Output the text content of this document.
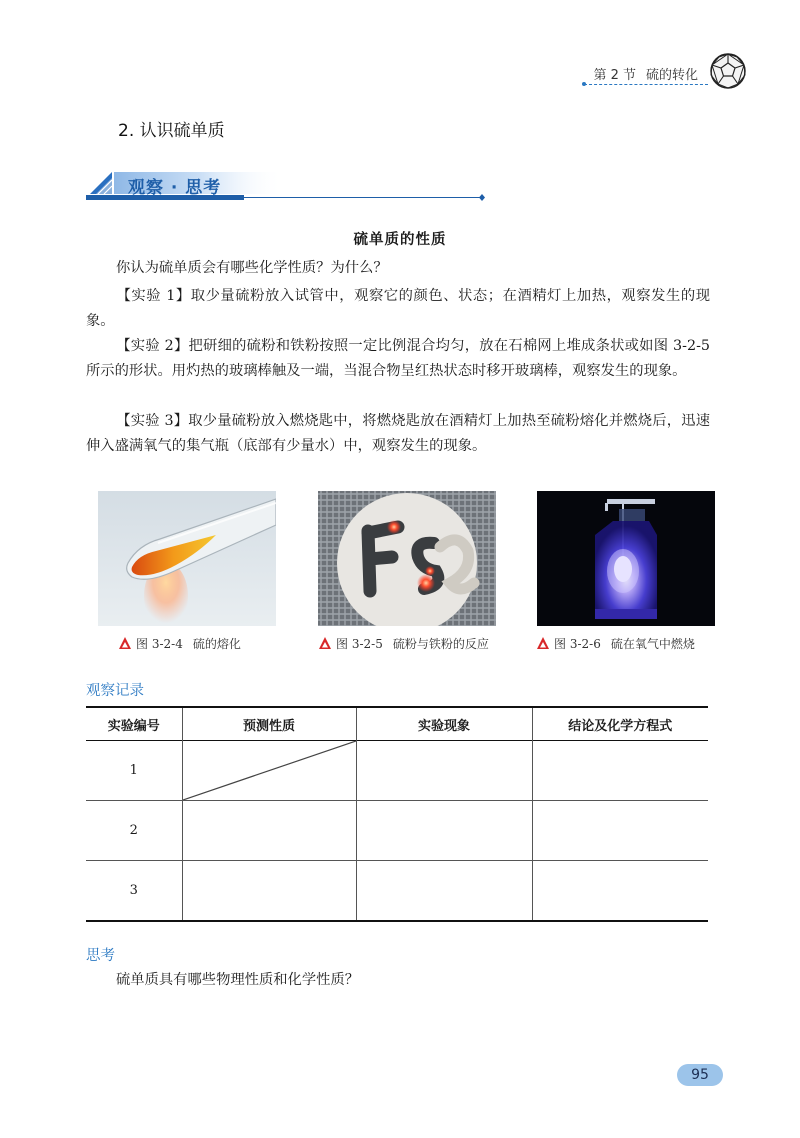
第 2 节 硫的转化
2. 认识硫单质
观察 · 思考
硫单质的性质
你认为硫单质会有哪些化学性质？为什么？
【实验 1】取少量硫粉放入试管中，观察它的颜色、状态；在酒精灯上加热，观察发生的现象。
【实验 2】把研细的硫粉和铁粉按照一定比例混合均匀，放在石棉网上堆成条状或如图 3-2-5 所示的形状。用灼热的玻璃棒触及一端，当混合物呈红热状态时移开玻璃棒，观察发生的现象。
【实验 3】取少量硫粉放入燃烧匙中，将燃烧匙放在酒精灯上加热至硫粉熔化并燃烧后，迅速伸入盛满氧气的集气瓶（底部有少量水）中，观察发生的现象。
图 3-2-4 硫的熔化	图 3-2-5 硫粉与铁粉的反应	图 3-2-6 硫在氧气中燃烧
观察记录
实验编号	预测性质	实验现象	结论及化学方程式
1	

2			
3			
思考
硫单质具有哪些物理性质和化学性质？
95
